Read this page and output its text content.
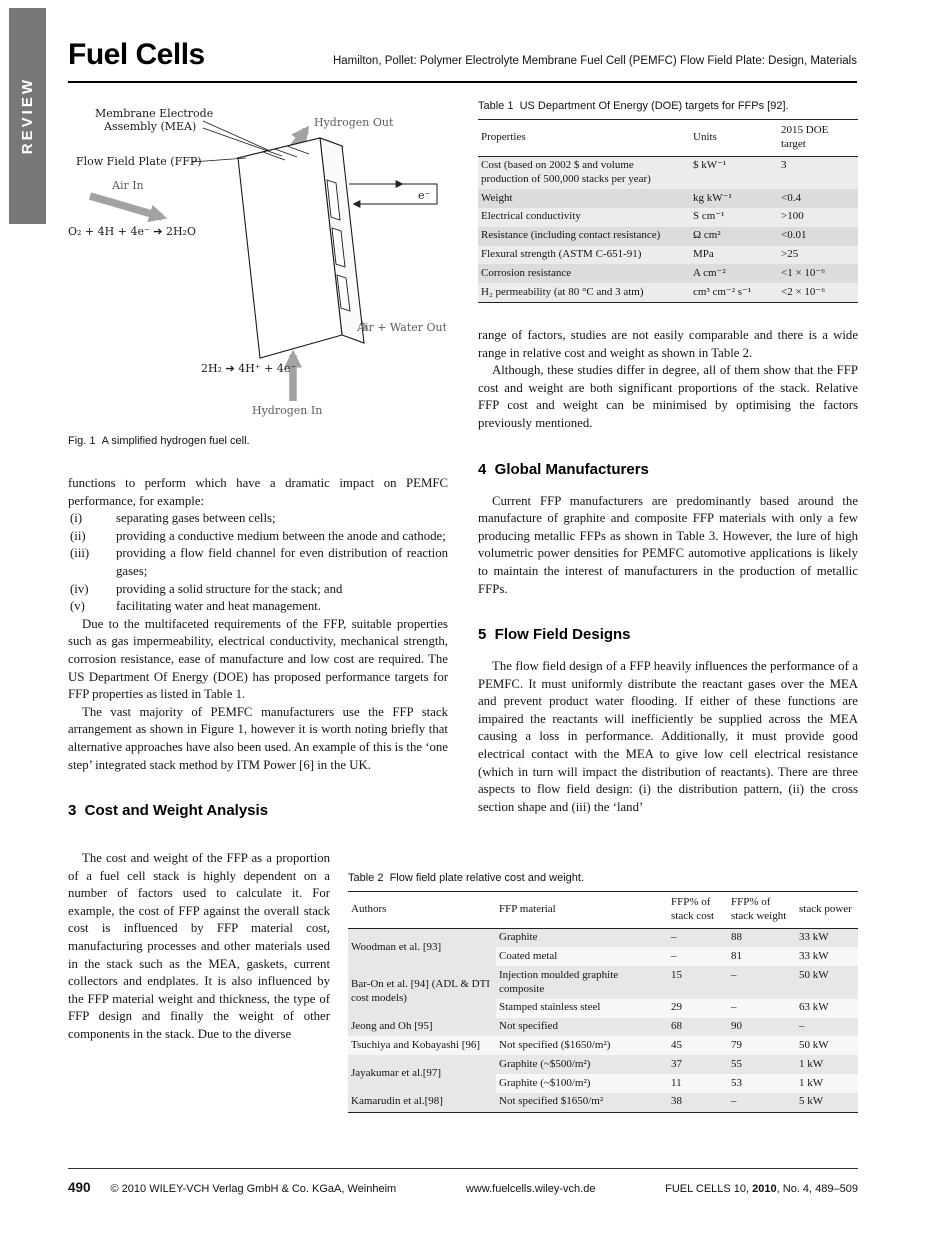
REVIEW
Fuel Cells	Hamilton, Pollet: Polymer Electrolyte Membrane Fuel Cell (PEMFC) Flow Field Plate: Design, Materials
Membrane Electrode
Assembly (MEA)
Flow Field Plate (FFP)
Hydrogen Out
Air In
e⁻
O₂ + 4H + 4e⁻ ➔ 2H₂O
Air + Water Out
2H₂ ➔ 4H⁺ + 4e⁻
Hydrogen In
Fig. 1  A simplified hydrogen fuel cell.

functions to perform which have a dramatic impact on PEMFC performance, for example:

(i)	separating gases between cells;
(ii) providing a conductive medium between the anode and cathode;
(iii) providing a flow field channel for even distribution of reaction gases;
(iv) providing a solid structure for the stack; and
(v) facilitating water and heat management.

Due to the multifaceted requirements of the FFP, suitable properties such as gas impermeability, electrical conductivity, mechanical strength, corrosion resistance, ease of manufacture and low cost are required. The US Department Of Energy (DOE) has proposed performance targets for FFP properties as listed in Table 1.

The vast majority of PEMFC manufacturers use the FFP stack arrangement as shown in Figure 1, however it is worth noting briefly that alternative approaches have also been used. An example of this is the ‘one step’ integrated stack method by ITM Power [6] in the UK.

3  Cost and Weight Analysis
Table 1  US Department Of Energy (DOE) targets for FFPs [92].
Properties	Units	2015 DOE target
Cost (based on 2002 $ and volume production of 500,000 stacks per year)	$ kW⁻¹	3
Weight	kg kW⁻¹	<0.4
Electrical conductivity	S cm⁻¹	>100
Resistance (including contact resistance)	Ω cm²	<0.01
Flexural strength (ASTM C-651-91)	MPa	>25
Corrosion resistance	A cm⁻²	<1 × 10⁻⁶
H₂ permeability (at 80 °C and 3 atm)	cm³ cm⁻² s⁻¹	<2 × 10⁻⁶

range of factors, studies are not easily comparable and there is a wide range in relative cost and weight as shown in Table 2.

Although, these studies differ in degree, all of them show that the FFP cost and weight are both significant proportions of the stack. Relative FFP cost and weight can be minimised by optimising the factors previously mentioned.

4  Global Manufacturers

Current FFP manufacturers are predominantly based around the manufacture of graphite and composite FFP materials with only a few producing metallic FFPs as shown in Table 3. However, the lure of high volumetric power densities for PEMFC automotive applications is likely to maintain the interest of manufacturers in the production of metallic FFPs.

5  Flow Field Designs

The flow field design of a FFP heavily influences the performance of a PEMFC. It must uniformly distribute the reactant gases over the MEA and prevent product water flooding. If either of these functions are impaired the reactants will inefficiently be supplied across the MEA causing a loss in performance. Additionally, it must provide good electrical contact with the MEA to give low cell electrical resistance (which in turn will impact the distribution of reactants). There are three aspects to flow field design: (i) the distribution pattern, (ii) the cross section shape and (iii) the ‘land’

The cost and weight of the FFP as a proportion of a fuel cell stack is highly dependent on a number of factors used to calculate it. For example, the cost of FFP against the overall stack cost is influenced by FFP material cost, manufacturing processes and other materials used in the stack such as the MEA, gaskets, current collectors and endplates. It is also influenced by the FFP material weight and thickness, the type of FFP design and finally the weight of other components in the stack. Due to the diverse

Table 2  Flow field plate relative cost and weight.
Authors	FFP material	FFP% of stack cost	FFP% of stack weight	stack power
Woodman et al. [93]	Graphite	–	88	33 kW
	Coated metal	–	81	33 kW
Bar-On et al. [94] (ADL & DTI cost models)	Injection moulded graphite composite	15	–	50 kW
	Stamped stainless steel	29	–	63 kW
Jeong and Oh [95]	Not specified	68	90	–
Tsuchiya and Kobayashi [96]	Not specified ($1650/m²)	45	79	50 kW
Jayakumar et al.[97]	Graphite (~$500/m²)	37	55	1 kW
	Graphite (~$100/m²)	11	53	1 kW
Kamarudin et al.[98]	Not specified $1650/m²	38	–	5 kW
490 © 2010 WILEY-VCH Verlag GmbH & Co. KGaA, Weinheim	www.fuelcells.wiley-vch.de	FUEL CELLS 10, 2010, No. 4, 489–509
